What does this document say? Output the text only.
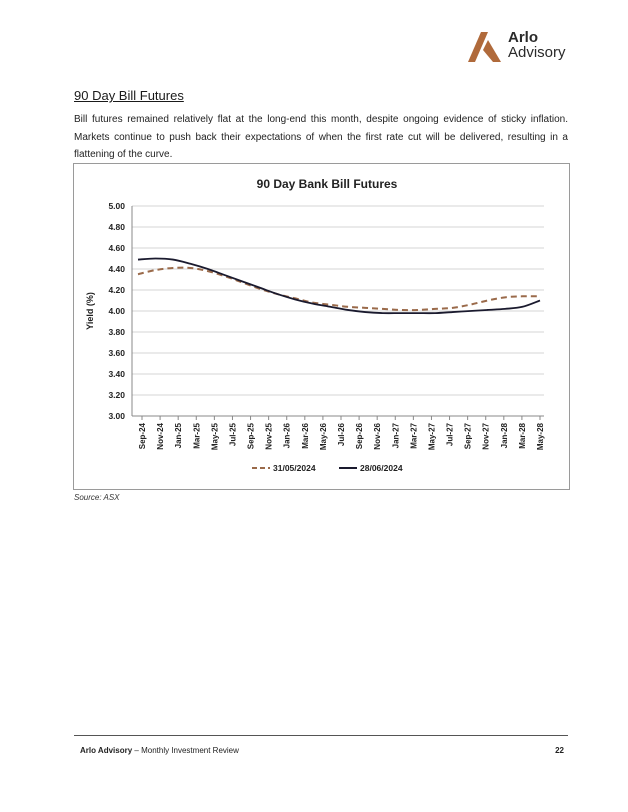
Arlo
Advisory
90 Day Bill Futures
Bill futures remained relatively flat at the long-end this month, despite ongoing evidence of sticky inflation. Markets continue to push back their expectations of when the first rate cut will be delivered, resulting in a flattening of the curve.
90 Day Bank Bill Futures
Yield (%)
5.00
4.80
4.60
4.40
4.20
4.00
3.80
3.60
3.40
3.20
3.00
Sep-24 Nov-24 Jan-25 Mar-25 May-25 Jul-25 Sep-25 Nov-25 Jan-26 Mar-26 May-26 Jul-26 Sep-26 Nov-26 Jan-27 Mar-27 May-27 Jul-27 Sep-27 Nov-27 Jan-28 Mar-28 May-28
31/05/2024	28/06/2024
Source: ASX
Arlo Advisory – Monthly Investment Review	22
